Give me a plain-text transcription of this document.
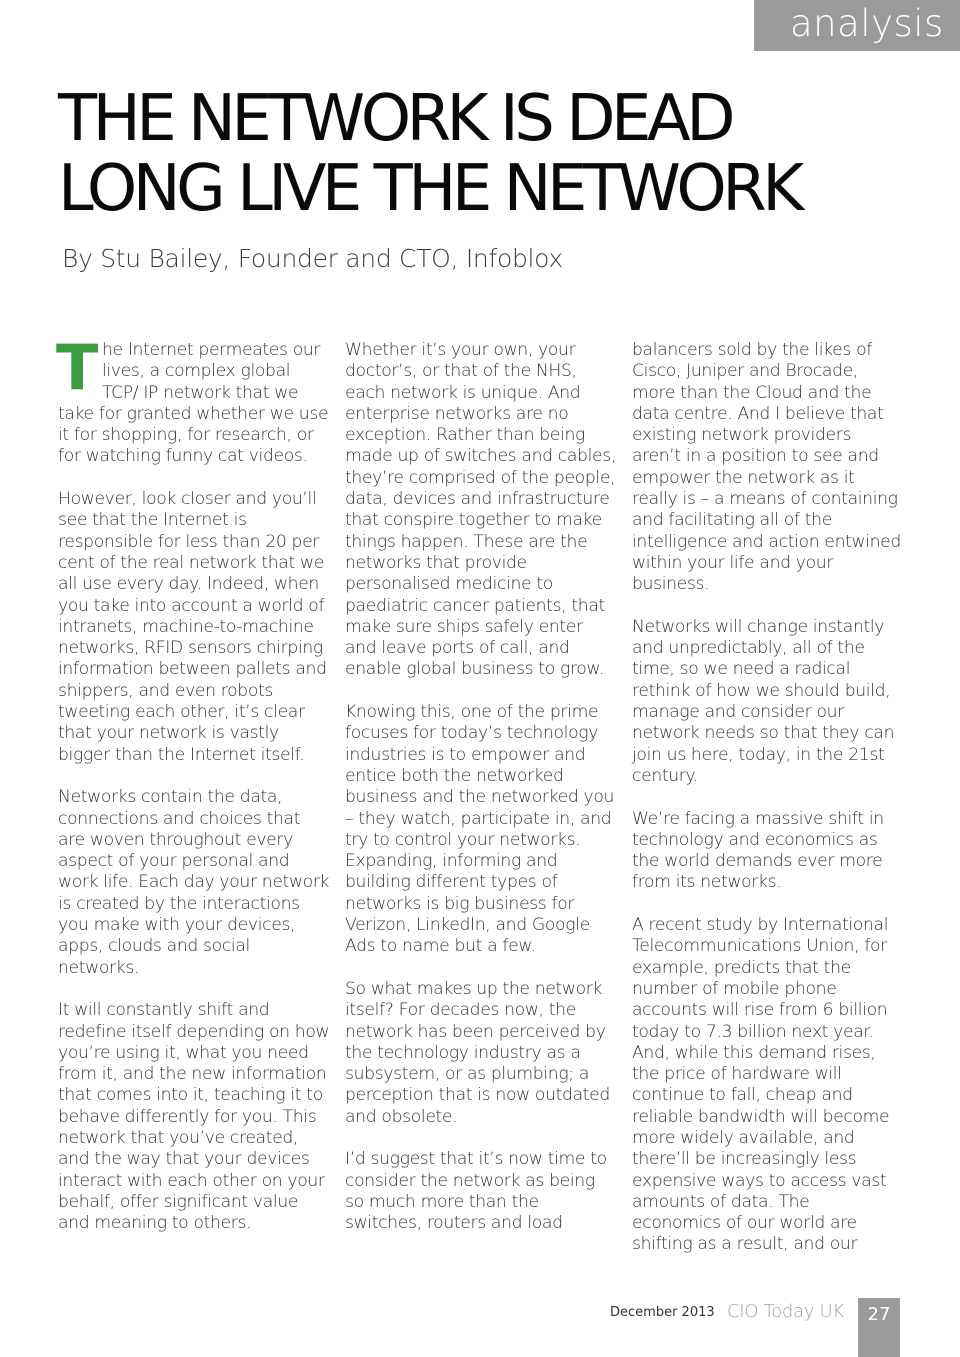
analysis
THE NETWORK IS DEAD
LONG LIVE THE NETWORK
By Stu Bailey, Founder and CTO, Infoblox

The Internet permeates our lives, a complex global TCP/ IP network that we take for granted whether we use it for shopping, for research, or for watching funny cat videos.

However, look closer and you’ll see that the Internet is responsible for less than 20 per cent of the real network that we all use every day. Indeed, when you take into account a world of intranets, machine-to-machine networks, RFID sensors chirping information between pallets and shippers, and even robots tweeting each other, it’s clear that your network is vastly bigger than the Internet itself.

Networks contain the data, connections and choices that are woven throughout every aspect of your personal and work life. Each day your network is created by the interactions you make with your devices, apps, clouds and social networks.

It will constantly shift and redefine itself depending on how you’re using it, what you need from it, and the new information that comes into it, teaching it to behave differently for you. This network that you’ve created, and the way that your devices interact with each other on your behalf, offer significant value and meaning to others.

Whether it’s your own, your doctor’s, or that of the NHS, each network is unique. And enterprise networks are no exception. Rather than being made up of switches and cables, they’re comprised of the people, data, devices and infrastructure that conspire together to make things happen. These are the networks that provide personalised medicine to paediatric cancer patients, that make sure ships safely enter and leave ports of call, and enable global business to grow.

Knowing this, one of the prime focuses for today’s technology industries is to empower and entice both the networked business and the networked you – they watch, participate in, and try to control your networks. Expanding, informing and building different types of networks is big business for Verizon, LinkedIn, and Google Ads to name but a few.

So what makes up the network itself? For decades now, the network has been perceived by the technology industry as a subsystem, or as plumbing; a perception that is now outdated and obsolete.

I’d suggest that it’s now time to consider the network as being so much more than the switches, routers and load

balancers sold by the likes of Cisco, Juniper and Brocade, more than the Cloud and the data centre. And I believe that existing network providers aren’t in a position to see and empower the network as it really is – a means of containing and facilitating all of the intelligence and action entwined within your life and your business.

Networks will change instantly and unpredictably, all of the time, so we need a radical rethink of how we should build, manage and consider our network needs so that they can join us here, today, in the 21st century.

We’re facing a massive shift in technology and economics as the world demands ever more from its networks.

A recent study by International Telecommunications Union, for example, predicts that the number of mobile phone accounts will rise from 6 billion today to 7.3 billion next year. And, while this demand rises, the price of hardware will continue to fall, cheap and reliable bandwidth will become more widely available, and there’ll be increasingly less expensive ways to access vast amounts of data. The economics of our world are shifting as a result, and our

December 2013 CIO Today UK	27
